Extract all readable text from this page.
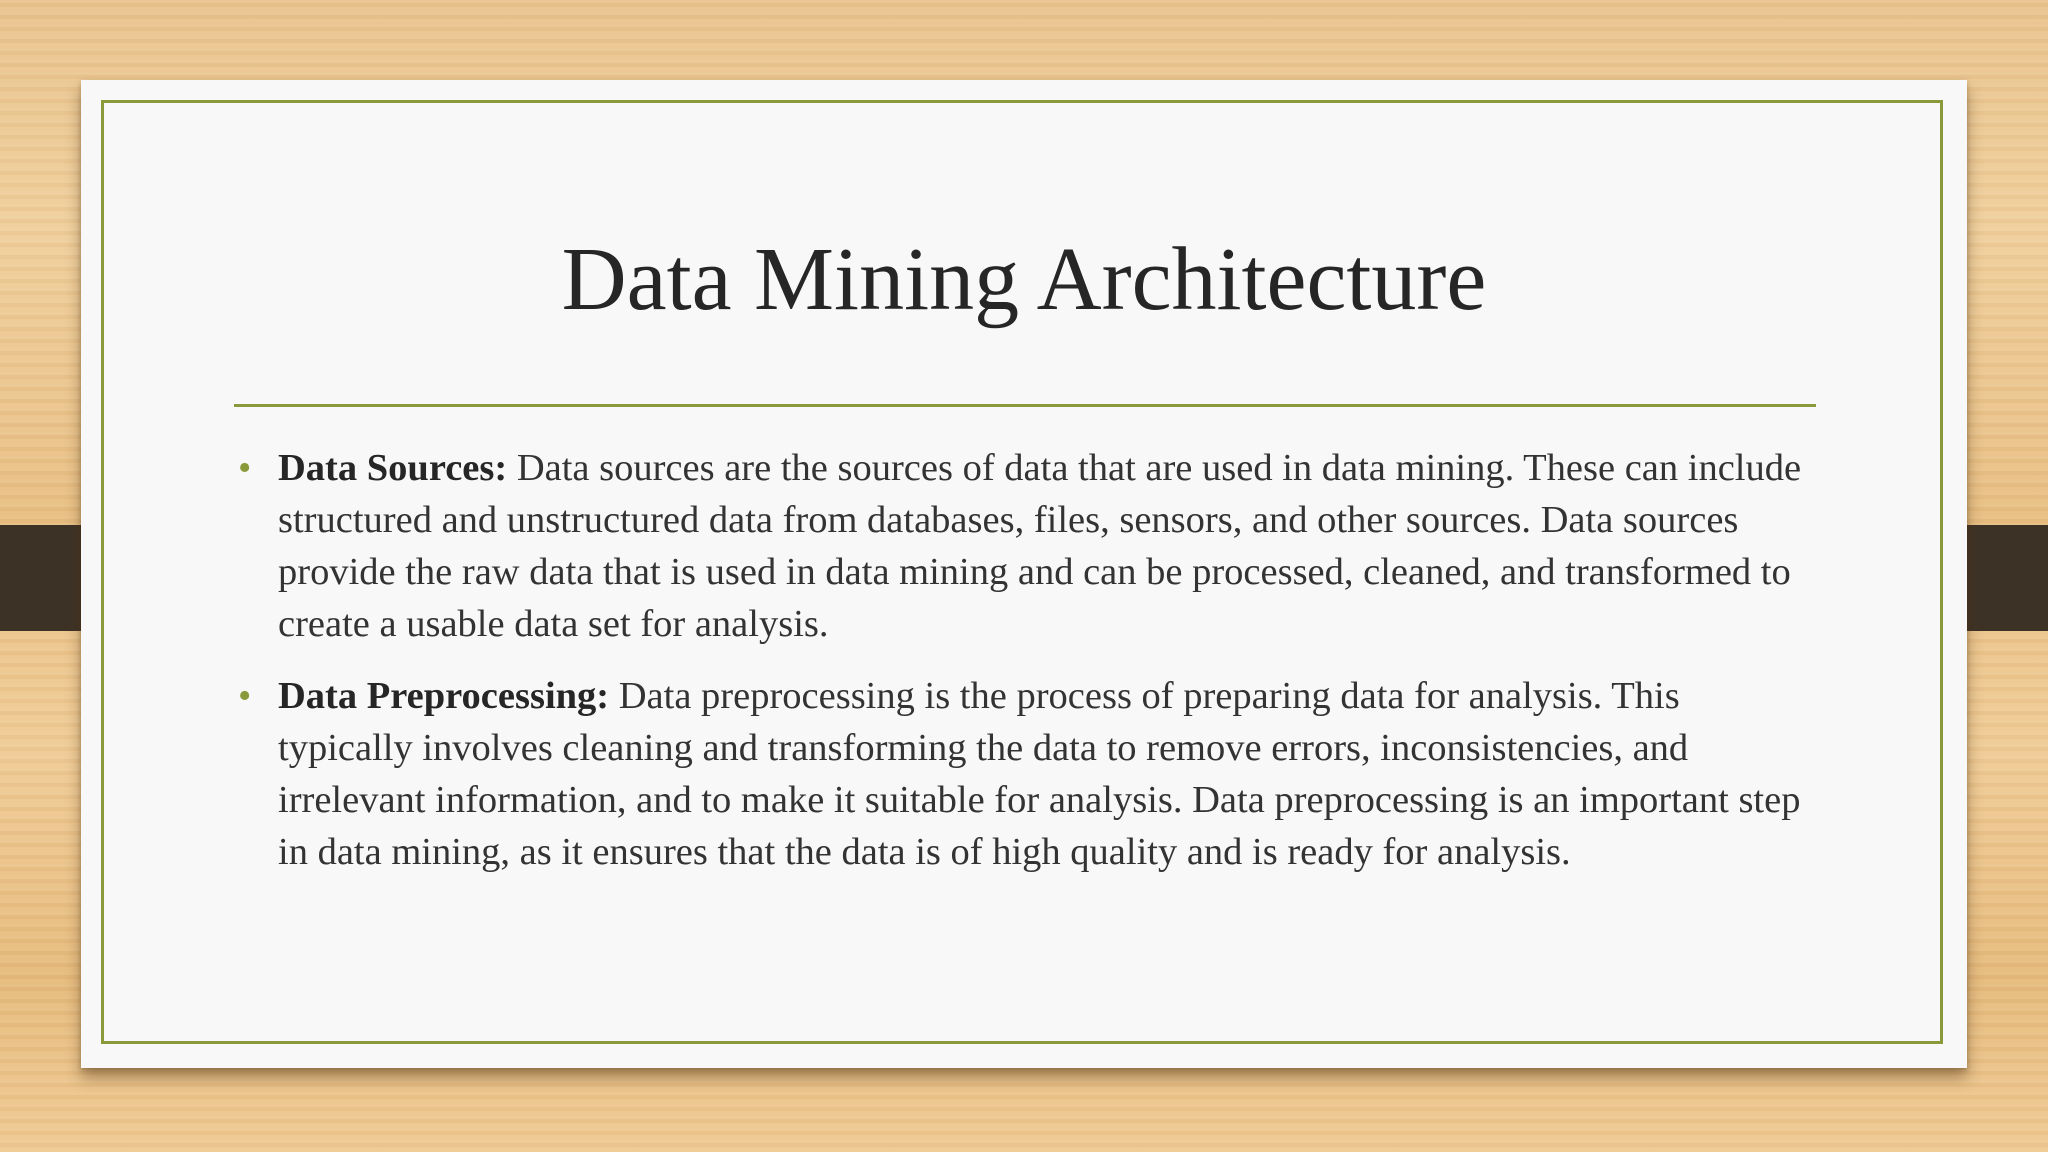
Data Mining Architecture
• Data Sources: Data sources are the sources of data that are used in data mining. These can include structured and unstructured data from databases, files, sensors, and other sources. Data sources provide the raw data that is used in data mining and can be processed, cleaned, and transformed to create a usable data set for analysis.
• Data Preprocessing: Data preprocessing is the process of preparing data for analysis. This typically involves cleaning and transforming the data to remove errors, inconsistencies, and irrelevant information, and to make it suitable for analysis. Data preprocessing is an important step in data mining, as it ensures that the data is of high quality and is ready for analysis.
